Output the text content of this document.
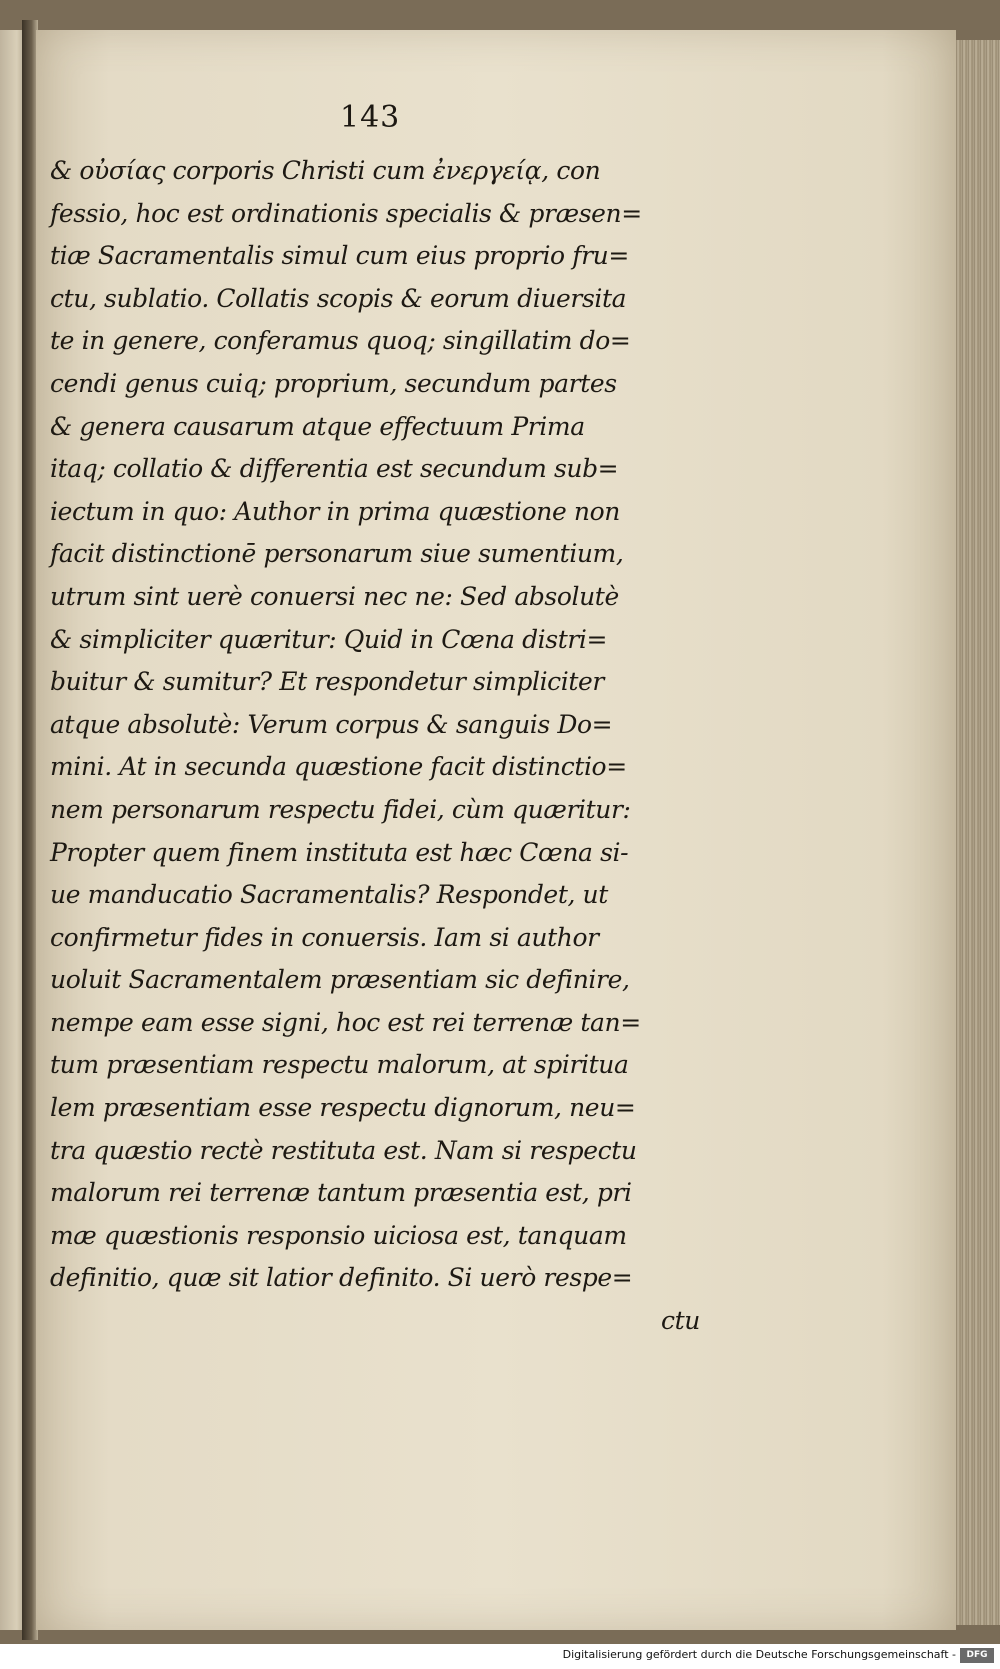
143
& οὐσίας corporis Christi cum ἐνεργείᾳ, con
fessio, hoc est ordinationis specialis & præsen=
tiæ Sacramentalis simul cum eius proprio fru=
ctu, sublatio. Collatis scopis & eorum diuersita
te in genere, conferamus quoq; singillatim do=
cendi genus cuiq; proprium, secundum partes
& genera causarum atque effectuum Prima
itaq; collatio & differentia est secundum sub=
iectum in quo: Author in prima quæstione non
facit distinctionē personarum siue sumentium,
utrum sint uerè conuersi nec ne: Sed absolutè
& simpliciter quæritur: Quid in Cœna distri=
buitur & sumitur? Et respondetur simpliciter
atque absolutè: Verum corpus & sanguis Do=
mini. At in secunda quæstione facit distinctio=
nem personarum respectu fidei, cùm quæritur:
Propter quem finem instituta est hæc Cœna si-
ue manducatio Sacramentalis? Respondet, ut
confirmetur fides in conuersis. Iam si author
uoluit Sacramentalem præsentiam sic definire,
nempe eam esse signi, hoc est rei terrenæ tan=
tum præsentiam respectu malorum, at spiritua
lem præsentiam esse respectu dignorum, neu=
tra quæstio rectè restituta est. Nam si respectu
malorum rei terrenæ tantum præsentia est, pri
mæ quæstionis responsio uiciosa est, tanquam
definitio, quæ sit latior definito. Si uerò respe=
ctu
Digitalisierung gefördert durch die Deutsche Forschungsgemeinschaft -	DFG
